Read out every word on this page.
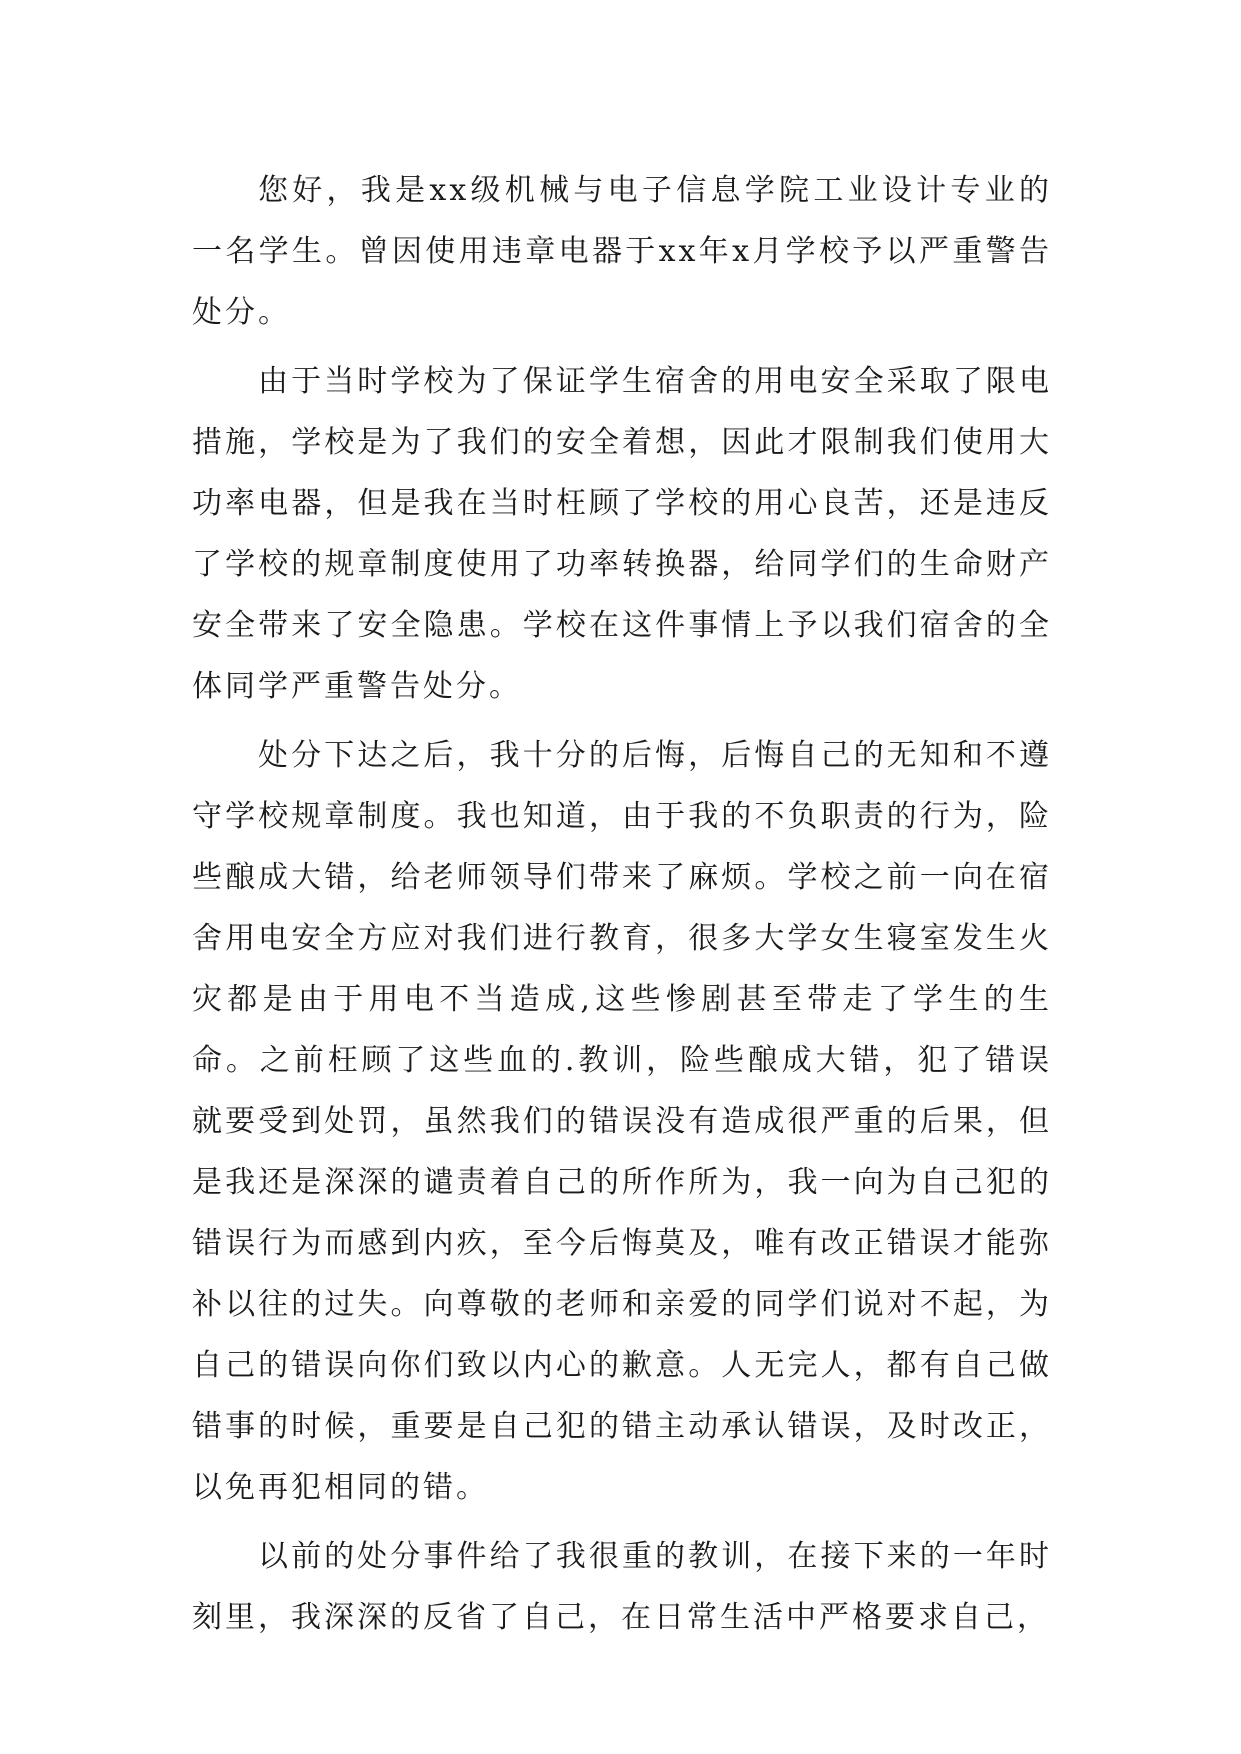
您好，我是xx级机械与电子信息学院工业设计专业的一名学生。曾因使用违章电器于xx年x月学校予以严重警告处分。

由于当时学校为了保证学生宿舍的用电安全采取了限电措施，学校是为了我们的安全着想，因此才限制我们使用大功率电器，但是我在当时枉顾了学校的用心良苦，还是违反了学校的规章制度使用了功率转换器，给同学们的生命财产安全带来了安全隐患。学校在这件事情上予以我们宿舍的全体同学严重警告处分。

处分下达之后，我十分的后悔，后悔自己的无知和不遵守学校规章制度。我也知道，由于我的不负职责的行为，险些酿成大错，给老师领导们带来了麻烦。学校之前一向在宿舍用电安全方应对我们进行教育，很多大学女生寝室发生火灾都是由于用电不当造成,这些惨剧甚至带走了学生的生命。之前枉顾了这些血的.教训，险些酿成大错，犯了错误就要受到处罚，虽然我们的错误没有造成很严重的后果，但是我还是深深的谴责着自己的所作所为，我一向为自己犯的错误行为而感到内疚，至今后悔莫及，唯有改正错误才能弥补以往的过失。向尊敬的老师和亲爱的同学们说对不起，为自己的错误向你们致以内心的歉意。人无完人，都有自己做错事的时候，重要是自己犯的错主动承认错误，及时改正，以免再犯相同的错。

以前的处分事件给了我很重的教训，在接下来的一年时刻里，我深深的反省了自己，在日常生活中严格要求自己，
